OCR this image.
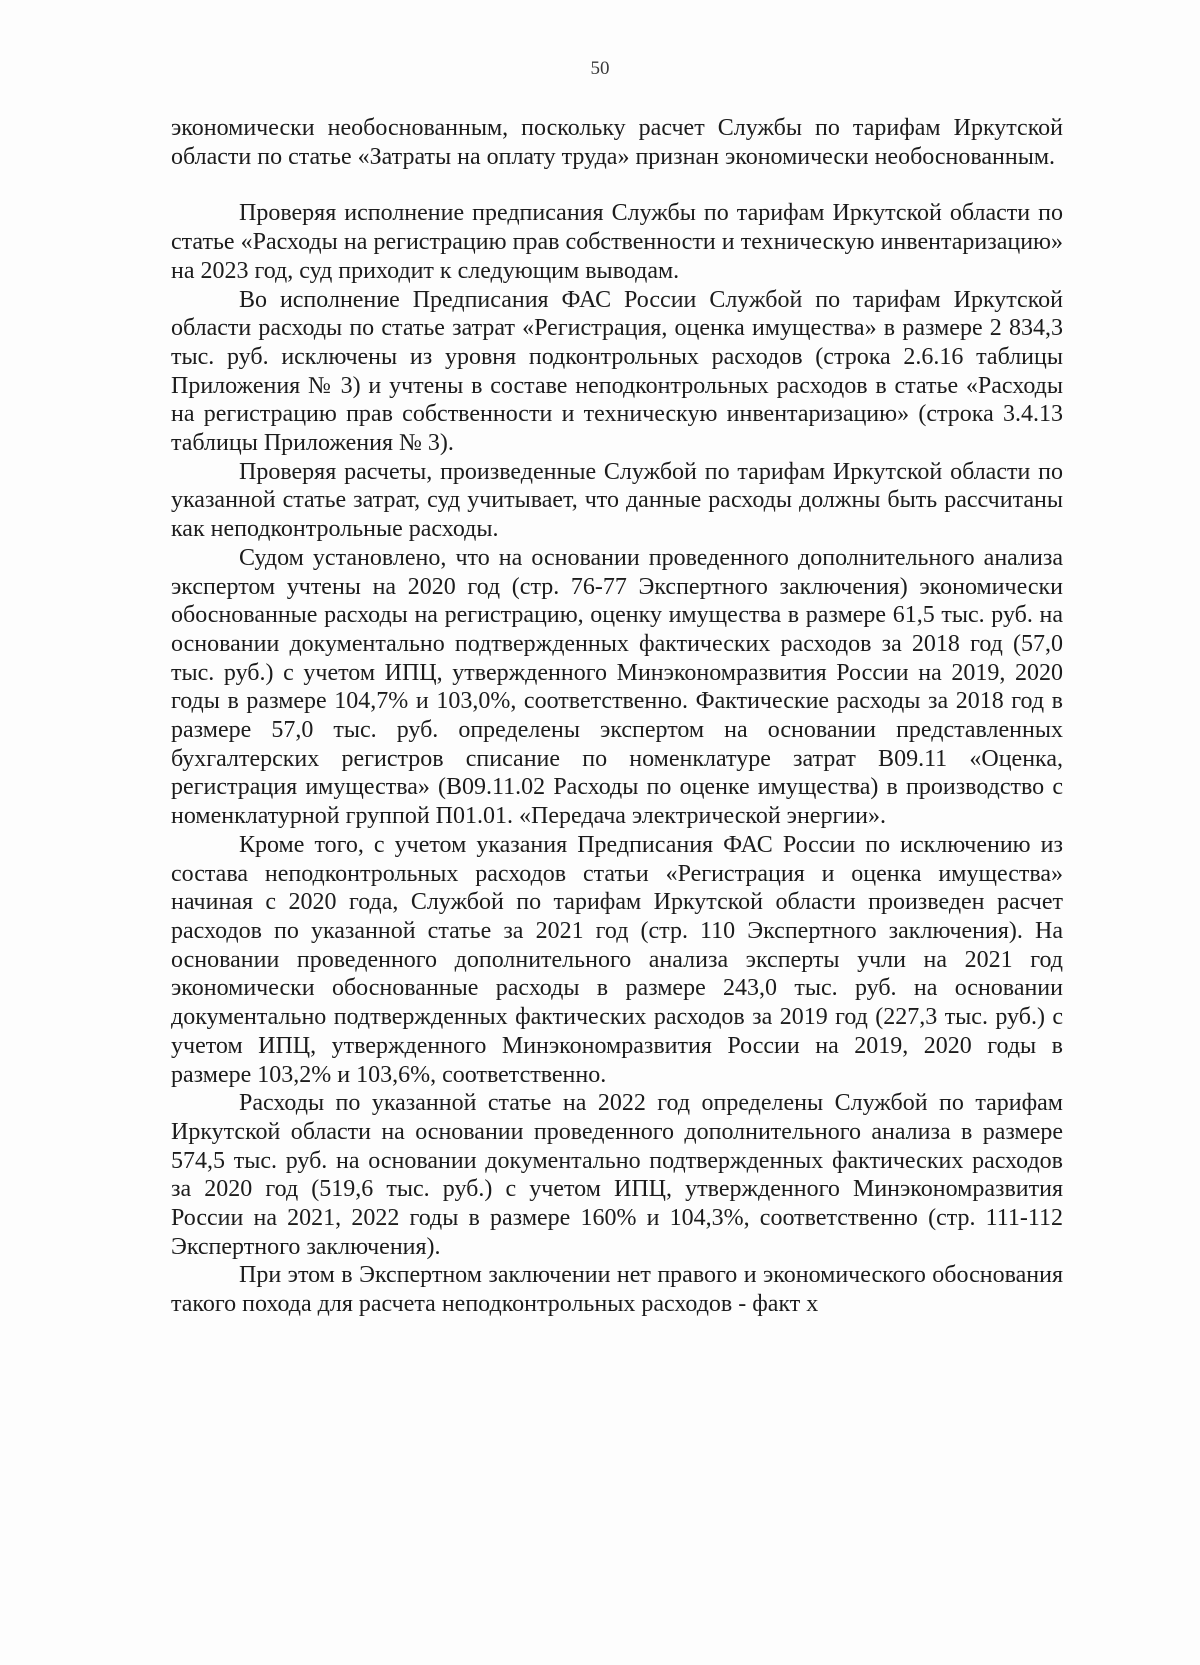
50

экономически необоснованным, поскольку расчет Службы по тарифам Иркутской области по статье «Затраты на оплату труда» признан экономически необоснованным.

Проверяя исполнение предписания Службы по тарифам Иркутской области по статье «Расходы на регистрацию прав собственности и техническую инвентаризацию» на 2023 год, суд приходит к следующим выводам.

Во исполнение Предписания ФАС России Службой по тарифам Иркутской области расходы по статье затрат «Регистрация, оценка имущества» в размере 2 834,3 тыс. руб. исключены из уровня подконтрольных расходов (строка 2.6.16 таблицы Приложения № 3) и учтены в составе неподконтрольных расходов в статье «Расходы на регистрацию прав собственности и техническую инвентаризацию» (строка 3.4.13 таблицы Приложения № 3).

Проверяя расчеты, произведенные Службой по тарифам Иркутской области по указанной статье затрат, суд учитывает, что данные расходы должны быть рассчитаны как неподконтрольные расходы.

Судом установлено, что на основании проведенного дополнительного анализа экспертом учтены на 2020 год (стр. 76-77 Экспертного заключения) экономически обоснованные расходы на регистрацию, оценку имущества в размере 61,5 тыс. руб. на основании документально подтвержденных фактических расходов за 2018 год (57,0 тыс. руб.) с учетом ИПЦ, утвержденного Минэкономразвития России на 2019, 2020 годы в размере 104,7% и 103,0%, соответственно. Фактические расходы за 2018 год в размере 57,0 тыс. руб. определены экспертом на основании представленных бухгалтерских регистров списание по номенклатуре затрат В09.11 «Оценка, регистрация имущества» (В09.11.02 Расходы по оценке имущества) в производство с номенклатурной группой П01.01. «Передача электрической энергии».

Кроме того, с учетом указания Предписания ФАС России по исключению из состава неподконтрольных расходов статьи «Регистрация и оценка имущества» начиная с 2020 года, Службой по тарифам Иркутской области произведен расчет расходов по указанной статье за 2021 год (стр. 110 Экспертного заключения). На основании проведенного дополнительного анализа эксперты учли на 2021 год экономически обоснованные расходы в размере 243,0 тыс. руб. на основании документально подтвержденных фактических расходов за 2019 год (227,3 тыс. руб.) с учетом ИПЦ, утвержденного Минэкономразвития России на 2019, 2020 годы в размере 103,2% и 103,6%, соответственно.

Расходы по указанной статье на 2022 год определены Службой по тарифам Иркутской области на основании проведенного дополнительного анализа в размере 574,5 тыс. руб. на основании документально подтвержденных фактических расходов за 2020 год (519,6 тыс. руб.) с учетом ИПЦ, утвержденного Минэкономразвития России на 2021, 2022 годы в размере 160% и 104,3%, соответственно (стр. 111-112 Экспертного заключения).

При этом в Экспертном заключении нет правого и экономического обоснования такого похода для расчета неподконтрольных расходов - факт х
